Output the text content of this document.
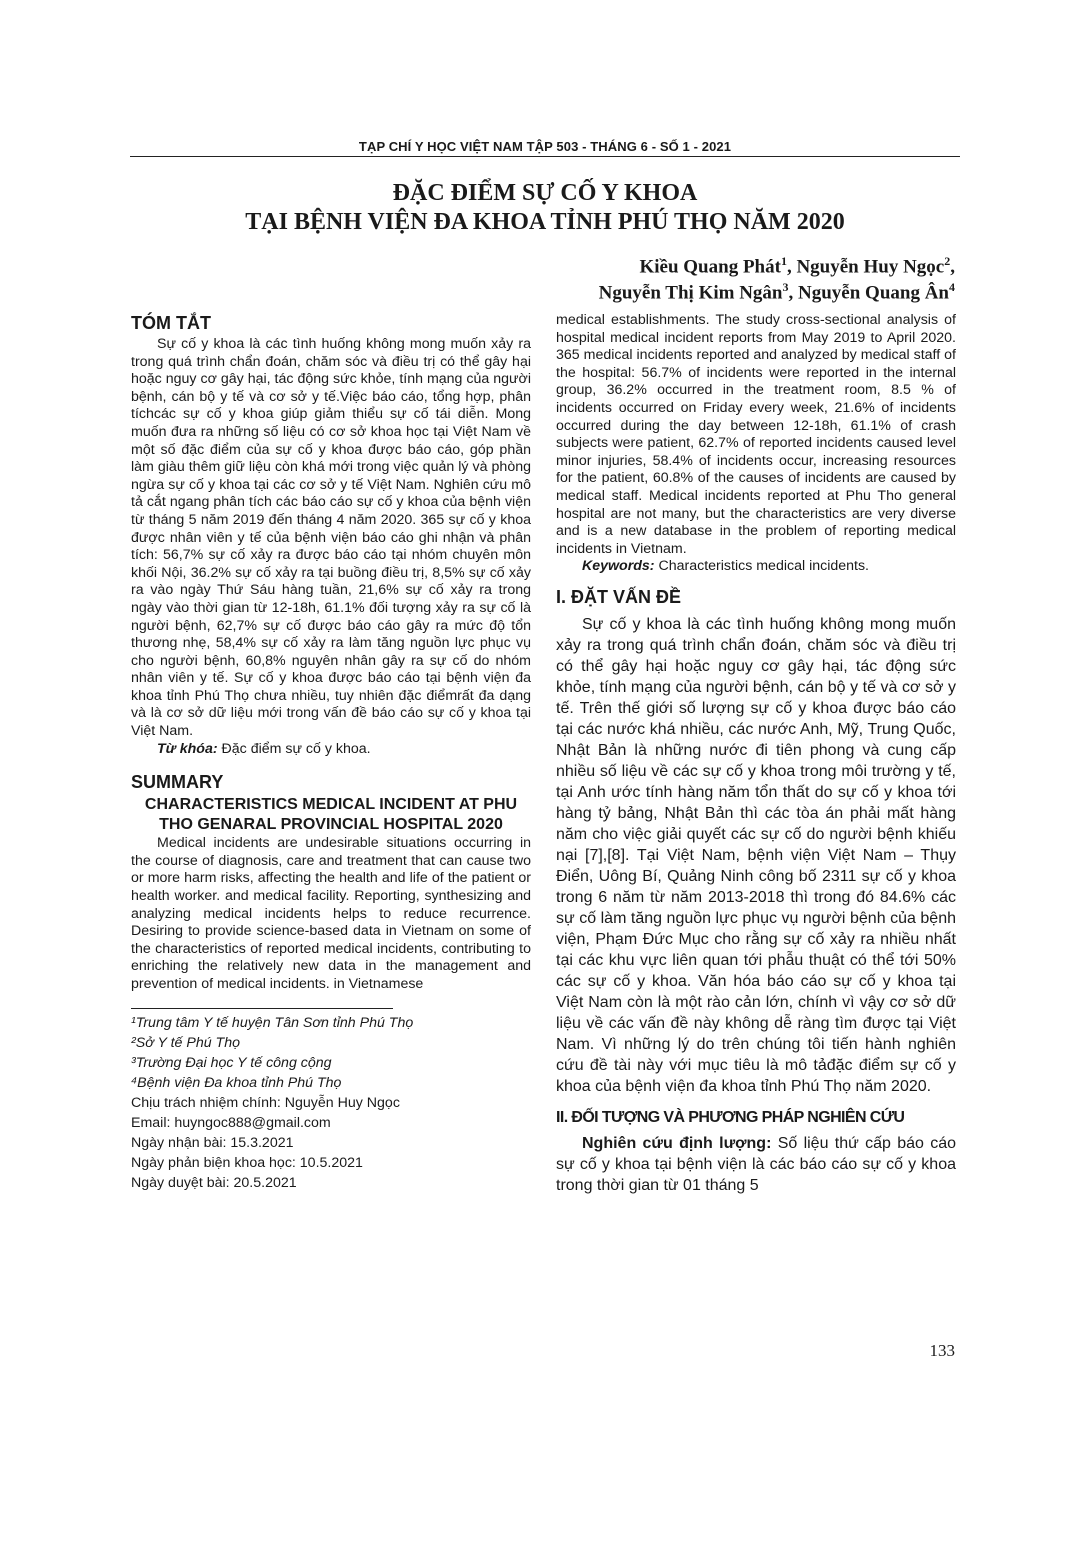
TẠP CHÍ Y HỌC VIỆT NAM TẬP 503 - THÁNG 6 - SỐ 1 - 2021
ĐẶC ĐIỂM SỰ CỐ Y KHOA
TẠI BỆNH VIỆN ĐA KHOA TỈNH PHÚ THỌ NĂM 2020
Kiều Quang Phát$^1$, Nguyễn Huy Ngọc$^2$,
Nguyễn Thị Kim Ngân$^3$, Nguyễn Quang $Ân^4$
TÓM TẮT

Sự cố y khoa là các tình huống không mong muốn xảy ra trong quá trình chẩn đoán, chăm sóc và điều trị có thể gây hại hoặc nguy cơ gây hại, tác động sức khỏe, tính mạng của người bệnh, cán bộ y tế và cơ sở y tế.Việc báo cáo, tổng hợp, phân tíchcác sự cố y khoa giúp giảm thiểu sự cố tái diễn. Mong muốn đưa ra những số liệu có cơ sở khoa học tại Việt Nam về một số đặc điểm của sự cố y khoa được báo cáo, góp phần làm giàu thêm giữ liệu còn khá mới trong việc quản lý và phòng ngừa sự cố y khoa tại các cơ sở y tế Việt Nam. Nghiên cứu mô tả cắt ngang phân tích các báo cáo sự cố y khoa của bệnh viện từ tháng 5 năm 2019 đến tháng 4 năm 2020. 365 sự cố y khoa được nhân viên y tế của bệnh viện báo cáo ghi nhận và phân tích: 56,7% sự cố xảy ra được báo cáo tại nhóm chuyên môn khối Nội, 36.2% sự cố xảy ra tại buồng điều trị, 8,5% sự cố xảy ra vào ngày Thứ Sáu hàng tuần, 21,6% sự cố xảy ra trong ngày vào thời gian từ 12-18h, 61.1% đối tượng xảy ra sự cố là người bệnh, 62,7% sự cố được báo cáo gây ra mức độ tổn thương nhẹ, 58,4% sự cố xảy ra làm tăng nguồn lực phục vụ cho người bệnh, 60,8% nguyên nhân gây ra sự cố do nhóm nhân viên y tế. Sự cố y khoa được báo cáo tại bệnh viện đa khoa tỉnh Phú Thọ chưa nhiều, tuy nhiên đặc điểmrất đa dạng và là cơ sở dữ liệu mới trong vấn đề báo cáo sự cố y khoa tại Việt Nam.

Từ khóa: Đặc điểm sự cố y khoa.

SUMMARY

CHARACTERISTICS MEDICAL INCIDENT AT PHU THO GENARAL PROVINCIAL HOSPITAL 2020

Medical incidents are undesirable situations occurring in the course of diagnosis, care and treatment that can cause two or more harm risks, affecting the health and life of the patient or health worker. and medical facility. Reporting, synthesizing and analyzing medical incidents helps to reduce recurrence. Desiring to provide science-based data in Vietnam on some of the characteristics of reported medical incidents, contributing to enriching the relatively new data in the management and prevention of medical incidents. in Vietnamese

¹Trung tâm Y tế huyện Tân Sơn tỉnh Phú Thọ

²Sở Y tế Phú Thọ

³Trường Đại học Y tế công cộng

⁴Bệnh viện Đa khoa tỉnh Phú Thọ

Chịu trách nhiệm chính: Nguyễn Huy Ngọc

Email: huyngoc888@gmail.com

Ngày nhận bài: 15.3.2021

Ngày phản biện khoa học: 10.5.2021

Ngày duyệt bài: 20.5.2021

medical establishments. The study cross-sectional analysis of hospital medical incident reports from May 2019 to April 2020. 365 medical incidents reported and analyzed by medical staff of the hospital: 56.7% of incidents were reported in the internal group, 36.2% occurred in the treatment room, 8.5 % of incidents occurred on Friday every week, 21.6% of incidents occurred during the day between 12-18h, 61.1% of crash subjects were patient, 62.7% of reported incidents caused level minor injuries, 58.4% of incidents occur, increasing resources for the patient, 60.8% of the causes of incidents are caused by medical staff. Medical incidents reported at Phu Tho general hospital are not many, but the characteristics are very diverse and is a new database in the problem of reporting medical incidents in Vietnam.

Keywords: Characteristics medical incidents.

I. ĐẶT VẤN ĐỀ

Sự cố y khoa là các tình huống không mong muốn xảy ra trong quá trình chẩn đoán, chăm sóc và điều trị có thể gây hại hoặc nguy cơ gây hại, tác động sức khỏe, tính mạng của người bệnh, cán bộ y tế và cơ sở y tế. Trên thế giới số lượng sự cố y khoa được báo cáo tại các nước khá nhiều, các nước Anh, Mỹ, Trung Quốc, Nhật Bản là những nước đi tiên phong và cung cấp nhiều số liệu về các sự cố y khoa trong môi trường y tế, tại Anh ước tính hàng năm tổn thất do sự cố y khoa tới hàng tỷ bảng, Nhật Bản thì các tòa án phải mất hàng năm cho việc giải quyết các sự cố do người bệnh khiếu nại [7],[8]. Tại Việt Nam, bệnh viện Việt Nam – Thụy Điển, Uông Bí, Quảng Ninh công bố 2311 sự cố y khoa trong 6 năm từ năm 2013-2018 thì trong đó 84.6% các sự cố làm tăng nguồn lực phục vụ người bệnh của bệnh viện, Phạm Đức Mục cho rằng sự cố xảy ra nhiều nhất tại các khu vực liên quan tới phẫu thuật có thể tới 50% các sự cố y khoa. Văn hóa báo cáo sự cố y khoa tại Việt Nam còn là một rào cản lớn, chính vì vậy cơ sở dữ liệu về các vấn đề này không dễ ràng tìm được tại Việt Nam. Vì những lý do trên chúng tôi tiến hành nghiên cứu đề tài này với mục tiêu là mô tảđặc điểm sự cố y khoa của bệnh viện đa khoa tỉnh Phú Thọ năm 2020.

II. ĐỐI TƯỢNG VÀ PHƯƠNG PHÁP NGHIÊN CỨU

Nghiên cứu định lượng: Số liệu thứ cấp báo cáo sự cố y khoa tại bệnh viện là các báo cáo sự cố y khoa trong thời gian từ 01 tháng 5

133
